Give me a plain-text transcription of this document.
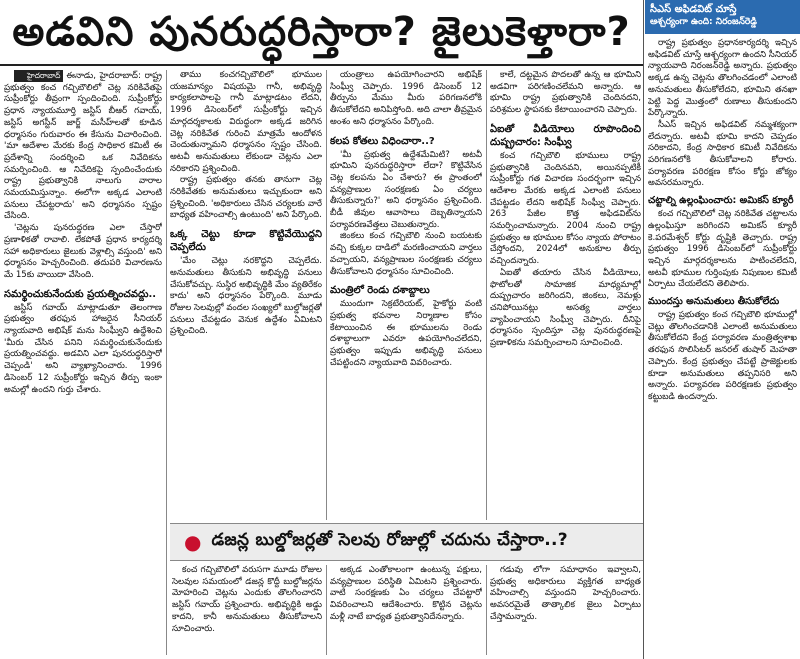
అడవిని పునరుద్ధరిస్తారా? జైలుకెళ్తారా?

హైదరాబాద్ ఈనాడు, హైదరాబాద్: రాష్ట్ర ప్రభుత్వం కంచ గచ్చిబౌలిలో చెట్ల నరికివేతపై సుప్రీంకోర్టు తీవ్రంగా స్పందించింది. సుప్రీంకోర్టు ప్రధాన న్యాయమూర్తి జస్టిస్ బీఆర్ గవాయ్, జస్టిస్ అగస్టీన్ జార్జ్ మసీహ్‌లతో కూడిన ధర్మాసనం గురువారం ఈ కేసును విచారించింది. 'మా ఆదేశాల మేరకు కేంద్ర సాధికార కమిటీ ఈ ప్రదేశాన్ని సందర్శించి ఒక నివేదికను సమర్పించింది. ఆ నివేదికపై స్పందించేందుకు రాష్ట్ర ప్రభుత్వానికి నాలుగు వారాల సమయమిస్తున్నాం. ఈలోగా అక్కడ ఎలాంటి పనులు చేపట్టరాదు' అని ధర్మాసనం స్పష్టం చేసింది.

'చెట్లను పునరుద్ధరణ ఎలా చేస్తారో ప్రణాళికతో రావాలి. లేకపోతే ప్రధాన కార్యదర్శి సహా అధికారులు జైలుకు వెళ్లాల్సి వస్తుంది' అని ధర్మాసనం హెచ్చరించింది. తదుపరి విచారణను మే 15కు వాయిదా వేసింది.

సమర్థించుకునేందుకు ప్రయత్నించవద్దు..

జస్టిస్ గవాయ్ మాట్లాడుతూ తెలంగాణ ప్రభుత్వం తరఫున హాజరైన సీనియర్ న్యాయవాది అభిషేక్ మను సింఘ్వీని ఉద్దేశించి 'మీరు చేసిన పనిని సమర్థించుకునేందుకు ప్రయత్నించవద్దు. అడవిని ఎలా పునరుద్ధరిస్తారో చెప్పండి' అని వ్యాఖ్యానించారు. 1996 డిసెంబర్ 12 సుప్రీంకోర్టు ఇచ్చిన తీర్పు ఇంకా అమల్లో ఉందని గుర్తు చేశారు.

తాము కంచగచ్చిబౌలిలో భూముల యజమాన్యం విషయమై గానీ, అభివృద్ధి కార్యకలాపాలపై గానీ మాట్లాడటం లేదని, 1996 డిసెంబర్‌లో సుప్రీంకోర్టు ఇచ్చిన మార్గదర్శకాలకు విరుద్ధంగా అక్కడ జరిగిన చెట్ల నరికివేత గురించి మాత్రమే ఆందోళన చెందుతున్నామని ధర్మాసనం స్పష్టం చేసింది. అటవీ అనుమతులు లేకుండా చెట్లను ఎలా నరికారని ప్రశ్నించింది.

రాష్ట్ర ప్రభుత్వం తనకు తానుగా చెట్ల నరికివేతకు అనుమతులు ఇచ్చుకుందా అని ప్రశ్నించింది. 'అధికారులు చేసిన చర్యలకు వారే బాధ్యత వహించాల్సి ఉంటుంది' అని పేర్కొంది.

ఒక్క చెట్టు కూడా కొట్టివేయొద్దని చెప్పలేదు

'మేం చెట్లు నరకొద్దని చెప్పలేదు. అనుమతులు తీసుకుని అభివృద్ధి పనులు చేసుకోవచ్చు. సుస్థిర అభివృద్ధికి మేం వ్యతిరేకం కాదు' అని ధర్మాసనం పేర్కొంది. మూడు రోజుల సెలవుల్లో వందల సంఖ్యలో బుల్డోజర్లతో పనులు చేపట్టడం వెనుక ఉద్దేశం ఏమిటని ప్రశ్నించింది.

యంత్రాలు ఉపయోగించారని అభిషేక్ సింఘ్వీ చెప్పారు. 1996 డిసెంబర్ 12 తీర్పును మేము మీరు పరిగణనలోకి తీసుకోలేదని అనిపిస్తోంది. అది చాలా తీవ్రమైన అంశం అని ధర్మాసనం పేర్కొంది.

కలప కోతలు విధించారా..?

'మీ ప్రభుత్వ ఉద్దేశమేమిటి? అటవీ భూమిని పునరుద్ధరిస్తారా లేదా? కొట్టివేసిన చెట్ల కలపను ఏం చేశారు? ఈ ప్రాంతంలో వన్యప్రాణుల సంరక్షణకు ఏం చర్యలు తీసుకున్నారు?' అని ధర్మాసనం ప్రశ్నించింది. బీడీ జీవుల ఆవాసాలు దెబ్బతిన్నాయని పర్యావరణవేత్తలు చెబుతున్నారు.

జింకలు కంచ గచ్చిబౌలి నుంచి బయటకు వచ్చి కుక్కల దాడిలో మరణించాయని వార్తలు వచ్చాయని, వన్యప్రాణుల సంరక్షణకు చర్యలు తీసుకోవాలని ధర్మాసనం సూచించింది.

మంత్రిలో రెండు దశాబ్దాలు

ముందుగా సెక్రటేరియట్, హైకోర్టు వంటి ప్రభుత్వ భవనాల నిర్మాణాల కోసం కేటాయించిన ఈ భూములను రెండు దశాబ్దాలుగా ఎవరూ ఉపయోగించలేదని, ప్రభుత్వం ఇప్పుడు అభివృద్ధి పనులు చేపట్టిందని న్యాయవాది వివరించారు.

కాలే, దట్టమైన పొదలతో ఉన్న ఆ భూమిని అడవిగా పరిగణించలేమని అన్నారు. ఆ భూమి రాష్ట్ర ప్రభుత్వానికి చెందినదని, పరిశ్రమల స్థాపనకు కేటాయించారని చెప్పారు.

ఏఐతో వీడియోలు రూపొందించి దుష్ప్రచారం: సింఘ్వీ

కంచ గచ్చిబౌలి భూములు రాష్ట్ర ప్రభుత్వానికి చెందినవని, అయినప్పటికీ సుప్రీంకోర్టు గత విచారణ సందర్భంగా ఇచ్చిన ఆదేశాల మేరకు అక్కడ ఎలాంటి పనులు చేపట్టడం లేదని అభిషేక్ సింఘ్వీ చెప్పారు. 263 పేజీల కొత్త అఫిడవిట్‌ను సమర్పించామన్నారు. 2004 నుంచి రాష్ట్ర ప్రభుత్వం ఆ భూముల కోసం న్యాయ పోరాటం చేస్తోందని, 2024లో అనుకూల తీర్పు వచ్చిందన్నారు.

ఏఐతో తయారు చేసిన వీడియోలు, ఫొటోలతో సామాజిక మాధ్యమాల్లో దుష్ప్రచారం జరిగిందని, జింకలు, నెమళ్లు చనిపోయినట్లు అసత్య వార్తలు వ్యాపించాయని సింఘ్వీ చెప్పారు. దీనిపై ధర్మాసనం స్పందిస్తూ చెట్ల పునరుద్ధరణపై ప్రణాళికను సమర్పించాలని సూచించింది.

● డజన్ల బుల్డోజర్లతో సెలవు రోజుల్లో చదును చేస్తారా..?

కంచ గచ్చిబౌలిలో వరుసగా మూడు రోజుల సెలవుల సమయంలో డజన్ల కొద్దీ బుల్డోజర్లను మోహరించి చెట్లను ఎందుకు తొలగించారని జస్టిస్ గవాయ్ ప్రశ్నించారు. అభివృద్ధికి అడ్డు కాదని, కానీ అనుమతులు తీసుకోవాలని సూచించారు.

అక్కడ ఎంతోకాలంగా ఉంటున్న పక్షులు, వన్యప్రాణుల పరిస్థితి ఏమిటని ప్రశ్నించారు. వాటి సంరక్షణకు ఏం చర్యలు చేపట్టారో వివరించాలని ఆదేశించారు. కొట్టిన చెట్లను మళ్లీ నాటే బాధ్యత ప్రభుత్వానిదేనన్నారు.

గడువు లోగా సమాధానం ఇవ్వాలని, ప్రభుత్వ అధికారులు వ్యక్తిగత బాధ్యత వహించాల్సి వస్తుందని హెచ్చరించారు. అవసరమైతే తాత్కాలిక జైలు ఏర్పాటు చేస్తామన్నారు.

సీఎస్ అఫిడవిట్ చూస్తే
ఆశ్చర్యంగా ఉంది: నిరంజన్‌రెడ్డి

రాష్ట్ర ప్రభుత్వం ప్రధానకార్యదర్శి ఇచ్చిన అఫిడవిట్ చూస్తే ఆశ్చర్యంగా ఉందని సీనియర్ న్యాయవాది నిరంజన్‌రెడ్డి అన్నారు. ప్రభుత్వం అక్కడ ఉన్న చెట్లను తొలగించడంలో ఎలాంటి అనుమతులు తీసుకోలేదని, భూమిని తనఖా పెట్టి పెద్ద మొత్తంలో రుణాలు తీసుకుందని పేర్కొన్నారు.

సీఎస్ ఇచ్చిన అఫిడవిట్ నమ్మశక్యంగా లేదన్నారు. అటవీ భూమి కాదని చెప్పడం సరికాదని, కేంద్ర సాధికార కమిటీ నివేదికను పరిగణనలోకి తీసుకోవాలని కోరారు. పర్యావరణ పరిరక్షణ కోసం కోర్టు జోక్యం అవసరమన్నారు.

చట్టాల్ని ఉల్లంఘించారు: అమికస్ క్యూరీ

కంచ గచ్చిబౌలిలో చెట్ల నరికివేత చట్టాలను ఉల్లంఘిస్తూ జరిగిందని అమికస్ క్యూరీ కె.పరమేశ్వర్ కోర్టు దృష్టికి తెచ్చారు. రాష్ట్ర ప్రభుత్వం 1996 డిసెంబర్‌లో సుప్రీంకోర్టు ఇచ్చిన మార్గదర్శకాలను పాటించలేదని, అటవీ భూముల గుర్తింపుకు నిపుణుల కమిటీ ఏర్పాటు చేయలేదని తెలిపారు.

ముందస్తు అనుమతులు తీసుకోలేదు

రాష్ట్ర ప్రభుత్వం కంచ గచ్చిబౌలి భూముల్లో చెట్లు తొలగించడానికి ఎలాంటి అనుమతులు తీసుకోలేదని కేంద్ర పర్యావరణ మంత్రిత్వశాఖ తరఫున సొలిసిటర్ జనరల్ తుషార్ మెహతా చెప్పారు. కేంద్ర ప్రభుత్వం చేపట్టే ప్రాజెక్టులకు కూడా అనుమతులు తప్పనిసరి అని అన్నారు. పర్యావరణ పరిరక్షణకు ప్రభుత్వం కట్టుబడి ఉందన్నారు.
